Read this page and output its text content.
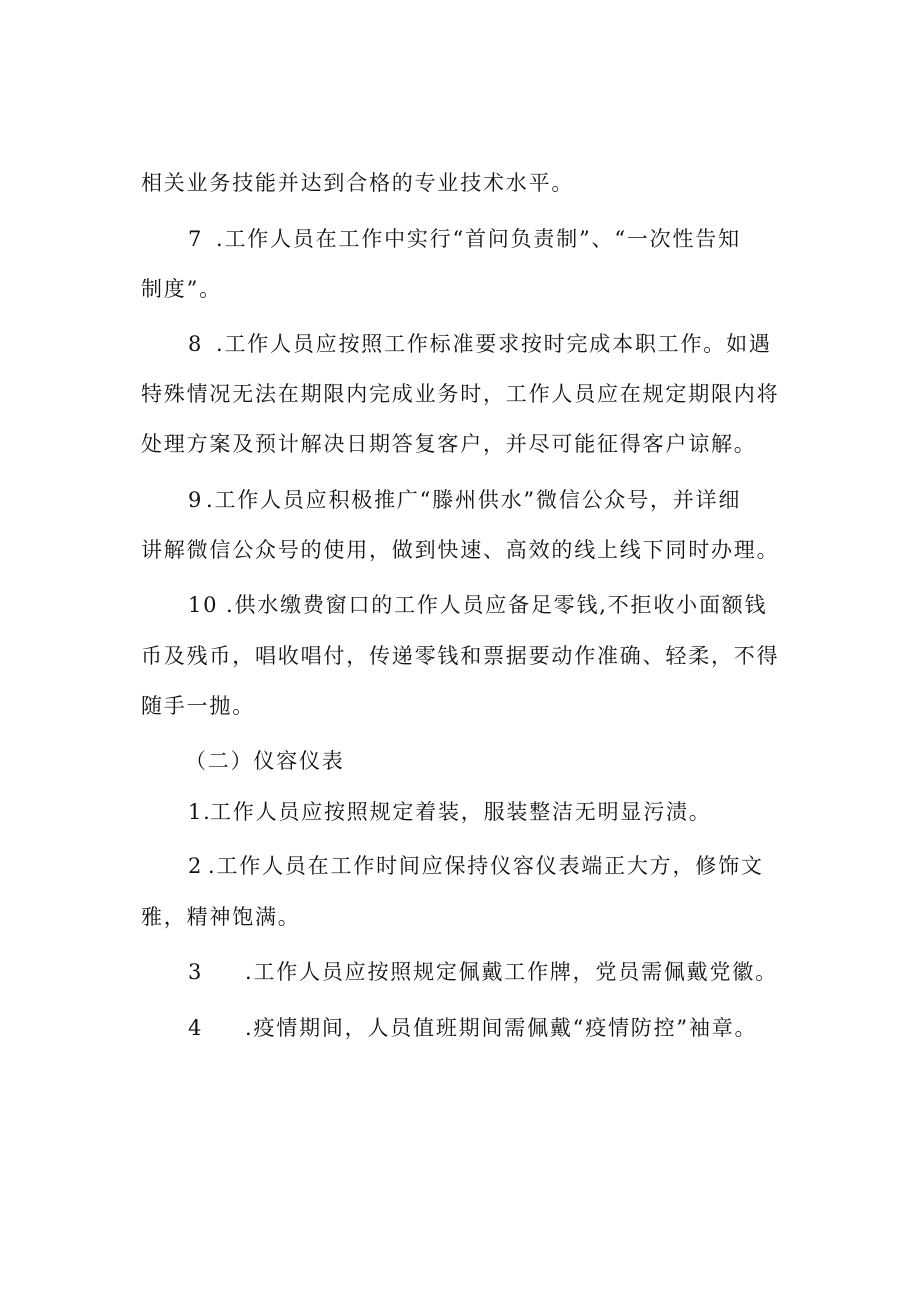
相关业务技能并达到合格的专业技术水平。

7 .工作人员在工作中实行“首问负责制”、“一次性告知

制度”。

8 .工作人员应按照工作标准要求按时完成本职工作。如遇

特殊情况无法在期限内完成业务时，工作人员应在规定期限内将

处理方案及预计解决日期答复客户，并尽可能征得客户谅解。

9 .工作人员应积极推广“滕州供水”微信公众号，并详细

讲解微信公众号的使用，做到快速、高效的线上线下同时办理。

10 .供水缴费窗口的工作人员应备足零钱,不拒收小面额钱

币及残币，唱收唱付，传递零钱和票据要动作准确、轻柔，不得

随手一抛。

（二）仪容仪表

1.工作人员应按照规定着装，服装整洁无明显污渍。

2 .工作人员在工作时间应保持仪容仪表端正大方，修饰文

雅，精神饱满。

3 .工作人员应按照规定佩戴工作牌，党员需佩戴党徽。

4 .疫情期间，人员值班期间需佩戴“疫情防控”袖章。
